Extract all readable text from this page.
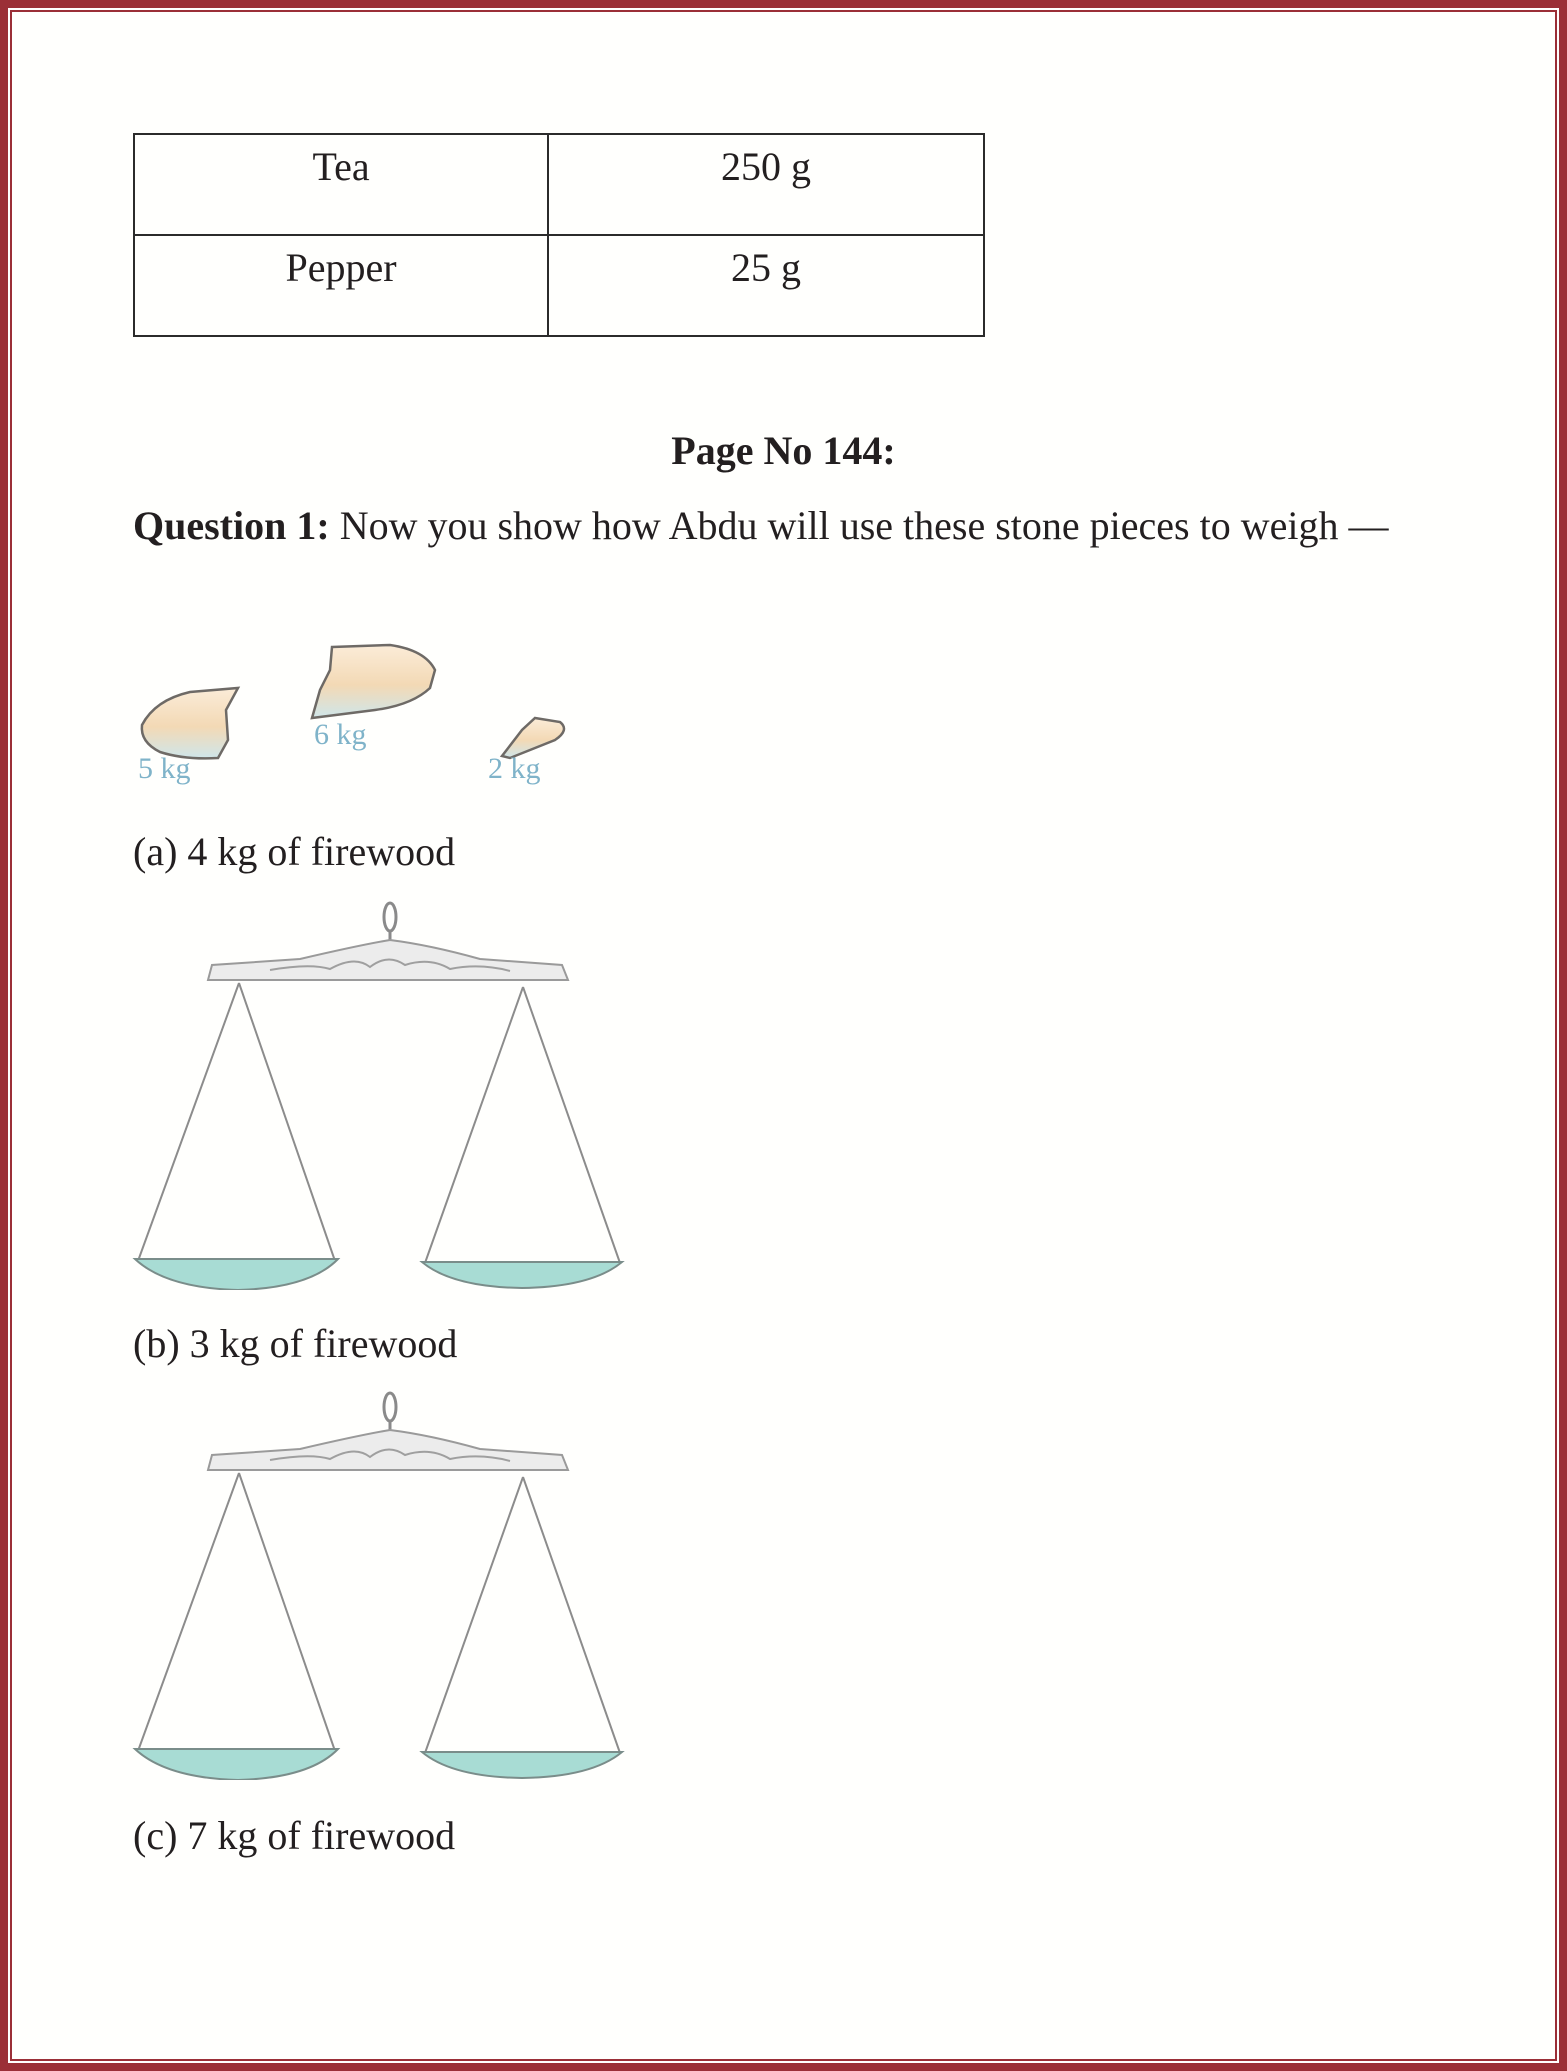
Tea	250 g
Pepper	25 g
Page No 144:
Question 1: Now you show how Abdu will use these stone pieces to weigh —
5 kg
6 kg
2 kg
(a) 4 kg of firewood
(b) 3 kg of firewood
(c) 7 kg of firewood
